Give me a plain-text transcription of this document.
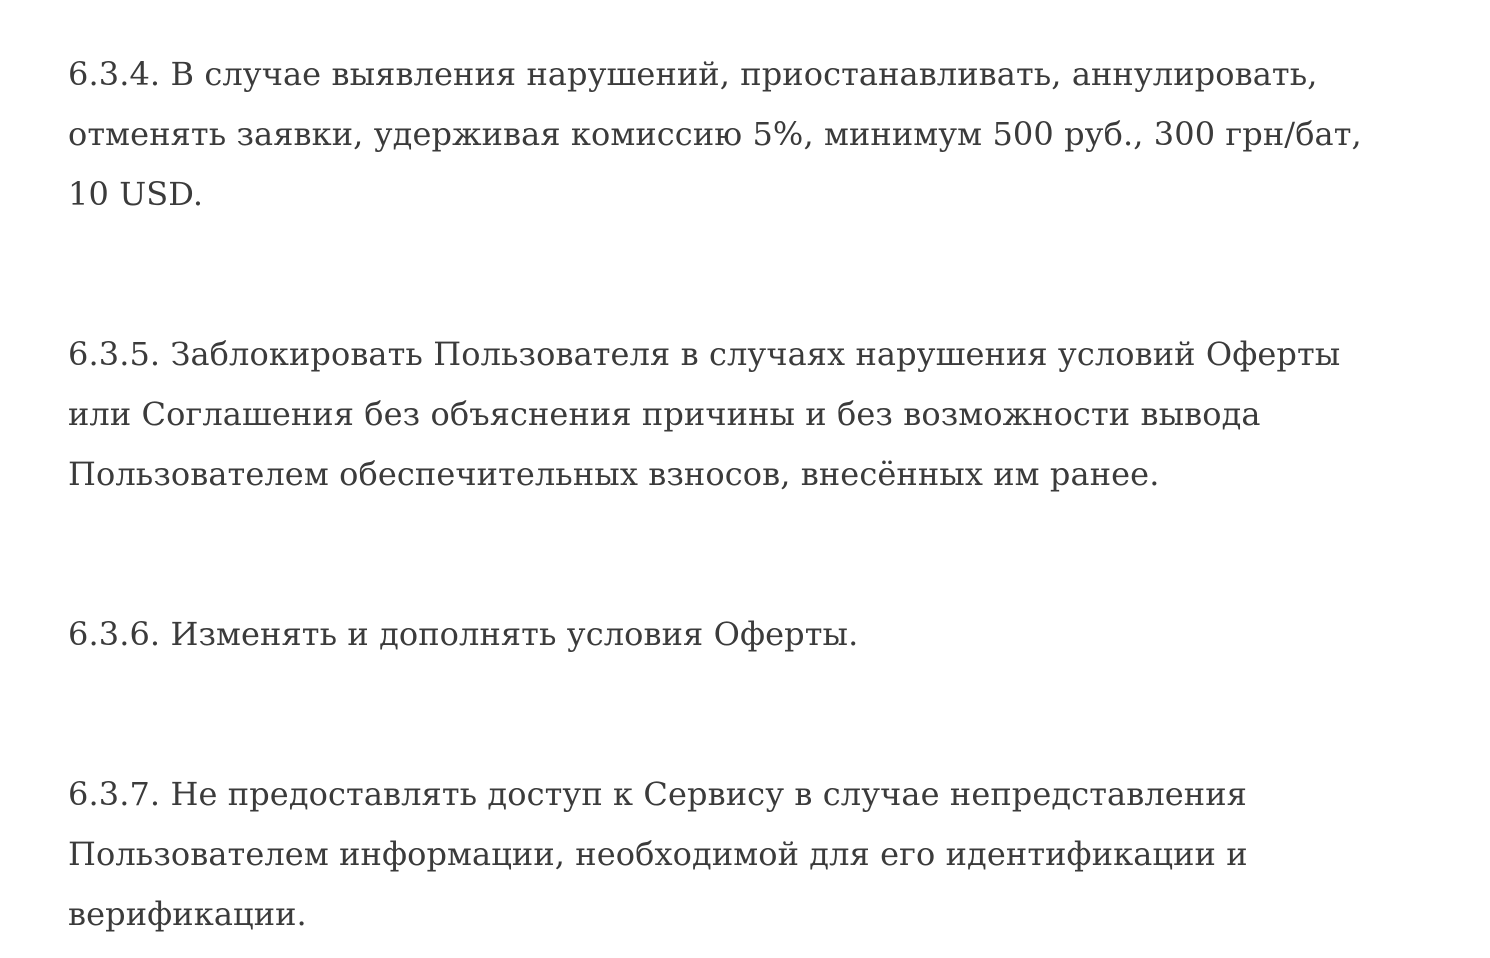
6.3.4. В случае выявления нарушений, приостанавливать, аннулировать, отменять заявки, удерживая комиссию 5%, минимум 500 руб., 300 грн/бат, 10 USD.

6.3.5. Заблокировать Пользователя в случаях нарушения условий Оферты или Соглашения без объяснения причины и без возможности вывода Пользователем обеспечительных взносов, внесённых им ранее.

6.3.6. Изменять и дополнять условия Оферты.

6.3.7. Не предоставлять доступ к Сервису в случае непредставления Пользователем информации, необходимой для его идентификации и верификации.
